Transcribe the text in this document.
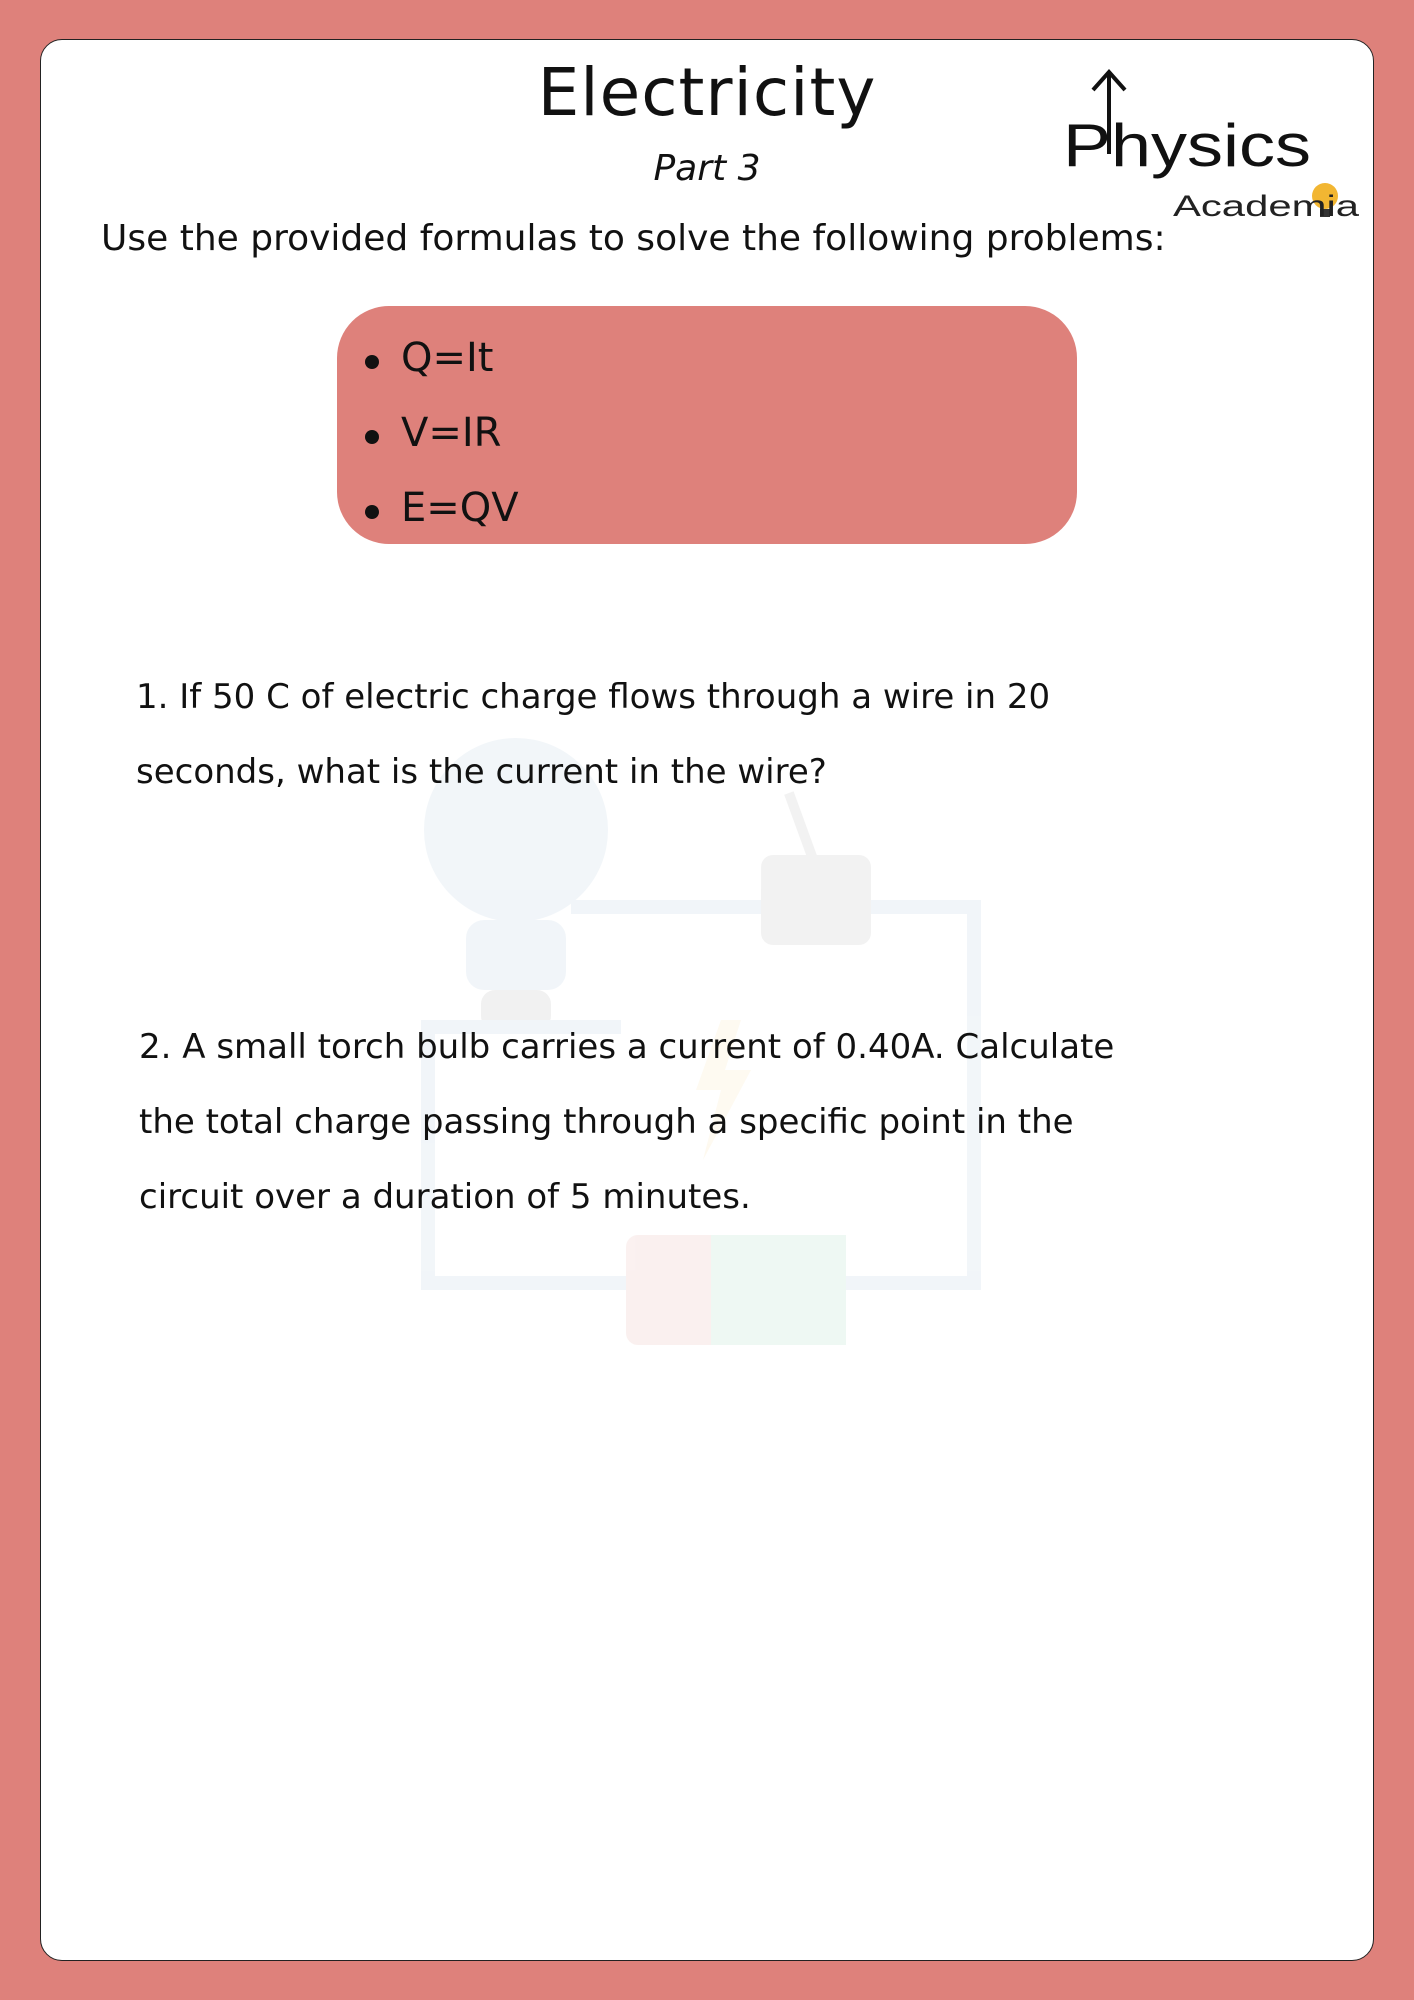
Electricity
Part 3	Physics
Academia
Use the provided formulas to solve the following problems:
Q=It
V=IR
E=QV
1. If 50 C of electric charge flows through a wire in 20
seconds, what is the current in the wire?
2. A small torch bulb carries a current of 0.40A. Calculate
the total charge passing through a specific point in the
circuit over a duration of 5 minutes.
